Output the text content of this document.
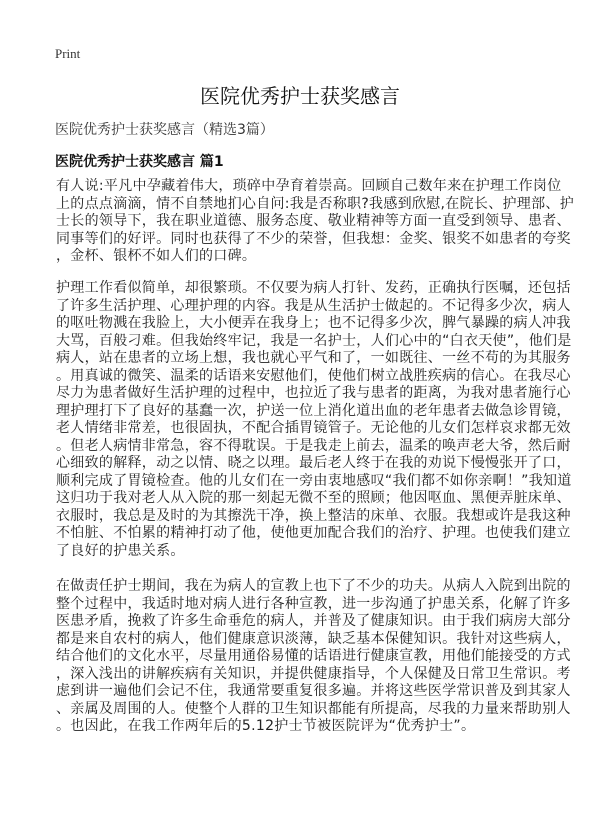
Print
医院优秀护士获奖感言
医院优秀护士获奖感言（精选3篇）
医院优秀护士获奖感言 篇1
有人说:平凡中孕藏着伟大，琐碎中孕育着崇高。回顾自己数年来在护理工作岗位
上的点点滴滴，情不自禁地扪心自问:我是否称职?我感到欣慰,在院长、护理部、护
士长的领导下，我在职业道德、服务态度、敬业精神等方面一直受到领导、患者、
同事等们的好评。同时也获得了不少的荣誉，但我想：金奖、银奖不如患者的夸奖
，金杯、银杯不如人们的口碑。
护理工作看似简单，却很繁琐。不仅要为病人打针、发药，正确执行医嘱，还包括
了许多生活护理、心理护理的内容。我是从生活护士做起的。不记得多少次，病人
的呕吐物溅在我脸上，大小便弄在我身上；也不记得多少次，脾气暴躁的病人冲我
大骂，百般刁难。但我始终牢记，我是一名护士，人们心中的“白衣天使”，他们是
病人，站在患者的立场上想，我也就心平气和了，一如既往、一丝不苟的为其服务
。用真诚的微笑、温柔的话语来安慰他们，使他们树立战胜疾病的信心。在我尽心
尽力为患者做好生活护理的过程中，也拉近了我与患者的距离，为我对患者施行心
理护理打下了良好的基蠢一次，护送一位上消化道出血的老年患者去做急诊胃镜，
老人情绪非常差，也很固执，不配合插胃镜管子。无论他的儿女们怎样哀求都无效
。但老人病情非常急，容不得耽误。于是我走上前去，温柔的唤声老大爷，然后耐
心细致的解释，动之以情、晓之以理。最后老人终于在我的劝说下慢慢张开了口，
顺利完成了胃镜检查。他的儿女们在一旁由衷地感叹“我们都不如你亲啊！”我知道
这归功于我对老人从入院的那一刻起无微不至的照顾；他因呕血、黑便弄脏床单、
衣服时，我总是及时的为其擦洗干净，换上整洁的床单、衣服。我想或许是我这种
不怕脏、不怕累的精神打动了他，使他更加配合我们的治疗、护理。也使我们建立
了良好的护患关系。
在做责任护士期间，我在为病人的宣教上也下了不少的功夫。从病人入院到出院的
整个过程中，我适时地对病人进行各种宣教，进一步沟通了护患关系，化解了许多
医患矛盾，挽救了许多生命垂危的病人，并普及了健康知识。由于我们病房大部分
都是来自农村的病人，他们健康意识淡薄，缺乏基本保健知识。我针对这些病人，
结合他们的文化水平，尽量用通俗易懂的话语进行健康宣教，用他们能接受的方式
，深入浅出的讲解疾病有关知识，并提供健康指导，个人保健及日常卫生常识。考
虑到讲一遍他们会记不住，我通常要重复很多遍。并将这些医学常识普及到其家人
、亲属及周围的人。使整个人群的卫生知识都能有所提高，尽我的力量来帮助别人
。也因此，在我工作两年后的5.12护士节被医院评为“优秀护士”。
